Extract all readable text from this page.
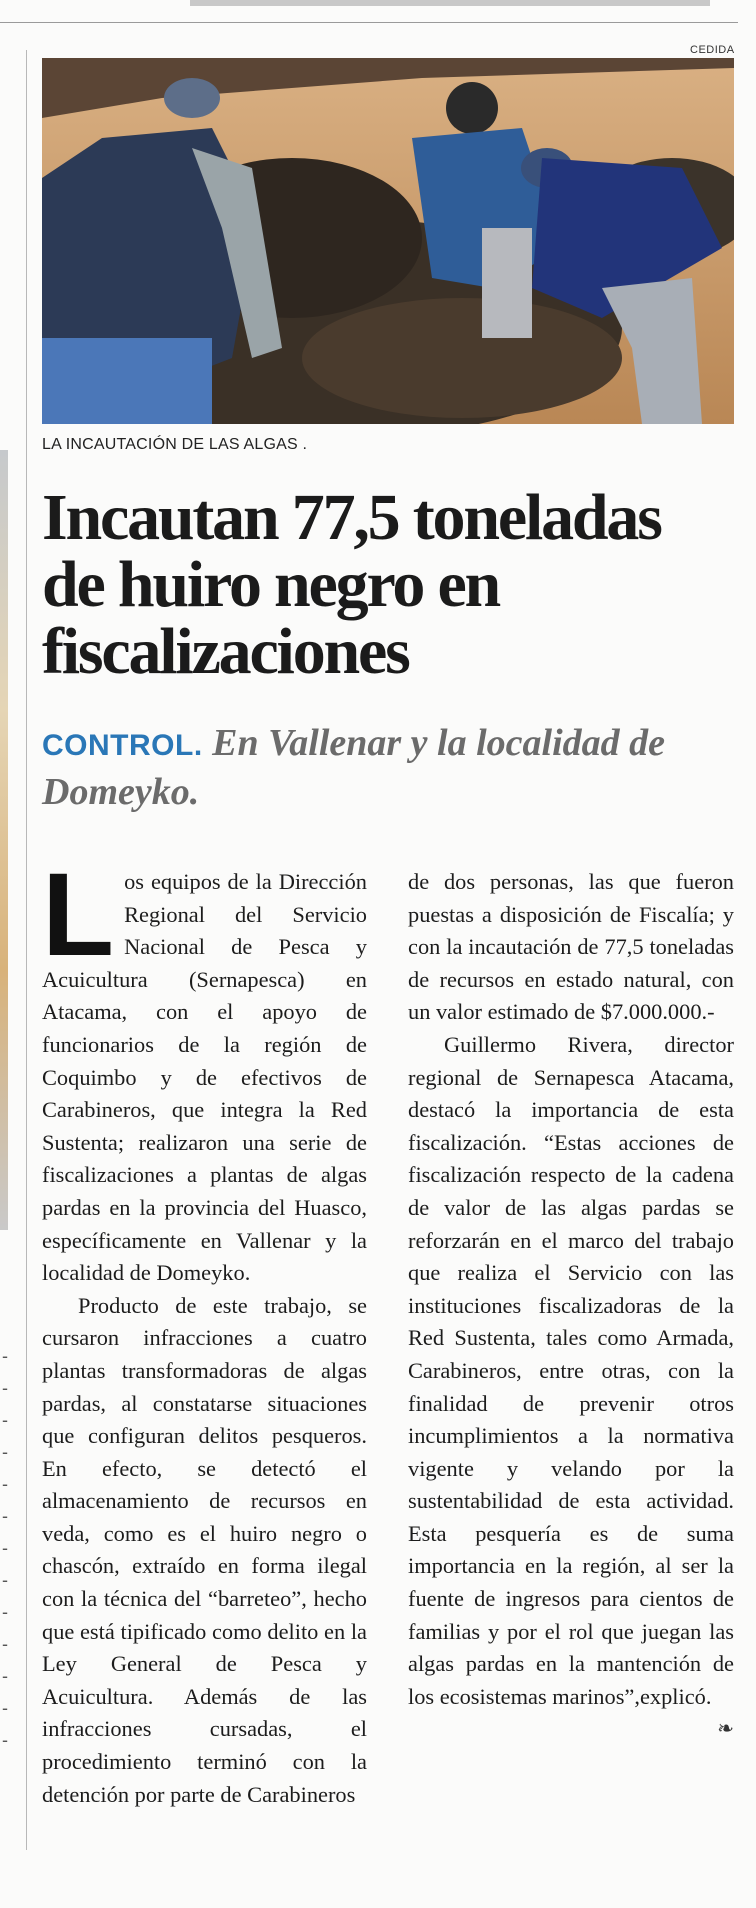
-
-
-
-
-
-
-
-
-
-
-
-
-
CEDIDA
LA INCAUTACIÓN DE LAS ALGAS .
Incautan 77,5 toneladas de huiro negro en fiscalizaciones
CONTROL. En Vallenar y la localidad de Domeyko.

Los equipos de la Dirección Regional del Servicio Nacional de Pesca y Acuicultura (Sernapesca) en Atacama, con el apoyo de funcionarios de la región de Coquimbo y de efectivos de Carabineros, que integra la Red Sustenta; realizaron una serie de fiscalizaciones a plantas de algas pardas en la provincia del Huasco, específicamente en Vallenar y la localidad de Domeyko.

Producto de este trabajo, se cursaron infracciones a cuatro plantas transformadoras de algas pardas, al constatarse situaciones que configuran delitos pesqueros. En efecto, se detectó el almacenamiento de recursos en veda, como es el huiro negro o chascón, extraído en forma ilegal con la técnica del “barreteo”, hecho que está tipificado como delito en la Ley General de Pesca y Acuicultura. Además de las infracciones cursadas, el procedimiento terminó con la detención por parte de Carabineros

de dos personas, las que fueron puestas a disposición de Fiscalía; y con la incautación de 77,5 toneladas de recursos en estado natural, con un valor estimado de $7.000.000.-

Guillermo Rivera, director regional de Sernapesca Atacama, destacó la importancia de esta fiscalización. “Estas acciones de fiscalización respecto de la cadena de valor de las algas pardas se reforzarán en el marco del trabajo que realiza el Servicio con las instituciones fiscalizadoras de la Red Sustenta, tales como Armada, Carabineros, entre otras, con la finalidad de prevenir otros incumplimientos a la normativa vigente y velando por la sustentabilidad de esta actividad. Esta pesquería es de suma importancia en la región, al ser la fuente de ingresos para cientos de familias y por el rol que juegan las algas pardas en la mantención de los ecosistemas marinos”,explicó.
❧
